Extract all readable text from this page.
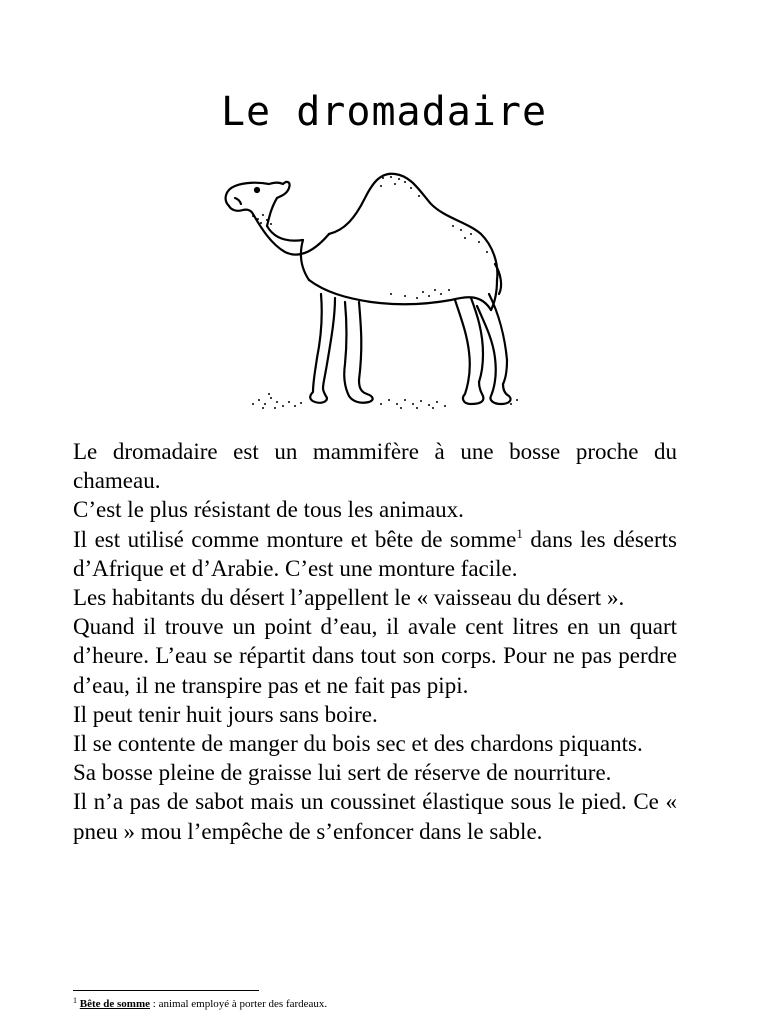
Le dromadaire

Le dromadaire est un mammifère à une bosse proche du chameau.

C’est le plus résistant de tous les animaux.

Il est utilisé comme monture et bête de somme$^1$ dans les déserts d’Afrique et d’Arabie. C’est une monture facile.

Les habitants du désert l’appellent le « vaisseau du désert ».

Quand il trouve un point d’eau, il avale cent litres en un quart d’heure. L’eau se répartit dans tout son corps. Pour ne pas perdre d’eau, il ne transpire pas et ne fait pas pipi.

Il peut tenir huit jours sans boire.

Il se contente de manger du bois sec et des chardons piquants.

Sa bosse pleine de graisse lui sert de réserve de nourriture.

Il n’a pas de sabot mais un coussinet élastique sous le pied. Ce « pneu » mou l’empêche de s’enfoncer dans le sable.

$^1$ Bête de somme : animal employé à porter des fardeaux.
